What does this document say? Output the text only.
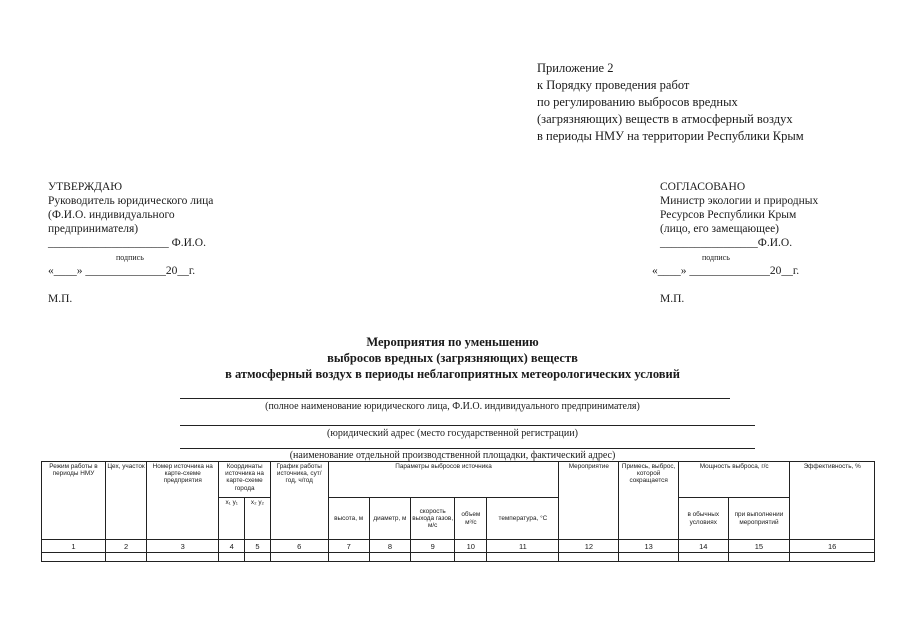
Приложение 2
к Порядку проведения работ
по регулированию выбросов вредных
(загрязняющих) веществ в атмосферный воздух
в периоды НМУ на территории Республики Крым
УТВЕРЖДАЮ
Руководитель юридического лица
(Ф.И.О. индивидуального
предпринимателя)
_____________________ Ф.И.О.
подпись
«____» ______________20__г.
М.П.
СОГЛАСОВАНО
Министр экологии и природных
Ресурсов Республики Крым
(лицо, его замещающее)
_________________Ф.И.О.
подпись
«____» ______________20__г.
М.П.
Мероприятия по уменьшению
выбросов вредных (загрязняющих) веществ
в атмосферный воздух в периоды неблагоприятных метеорологических условий
(полное наименование юридического лица, Ф.И.О. индивидуального предпринимателя)
(юридический адрес (место государственной регистрации)
(наименование отдельной производственной площадки, фактический адрес)
Режим работы в периоды НМУ	Цех, участок	Номер источника на карте-схеме предприятия	Координаты источника на карте-схеме города		График работы источника, сут/год, ч/год	Параметры выбросов источника					Мероприятие	Примесь, выброс, которой сокращается	Мощность выброса, г/с		Эффективность, %
			x₁ y₁	x₂ y₂		высота, м	диаметр, м	скорость выхода газов, м/с	объем м³/с	температура, °С			в обычных условиях	при выполнении мероприятий	
1	2	3	4	5	6	7	8	9	10	11	12	13	14	15	16
